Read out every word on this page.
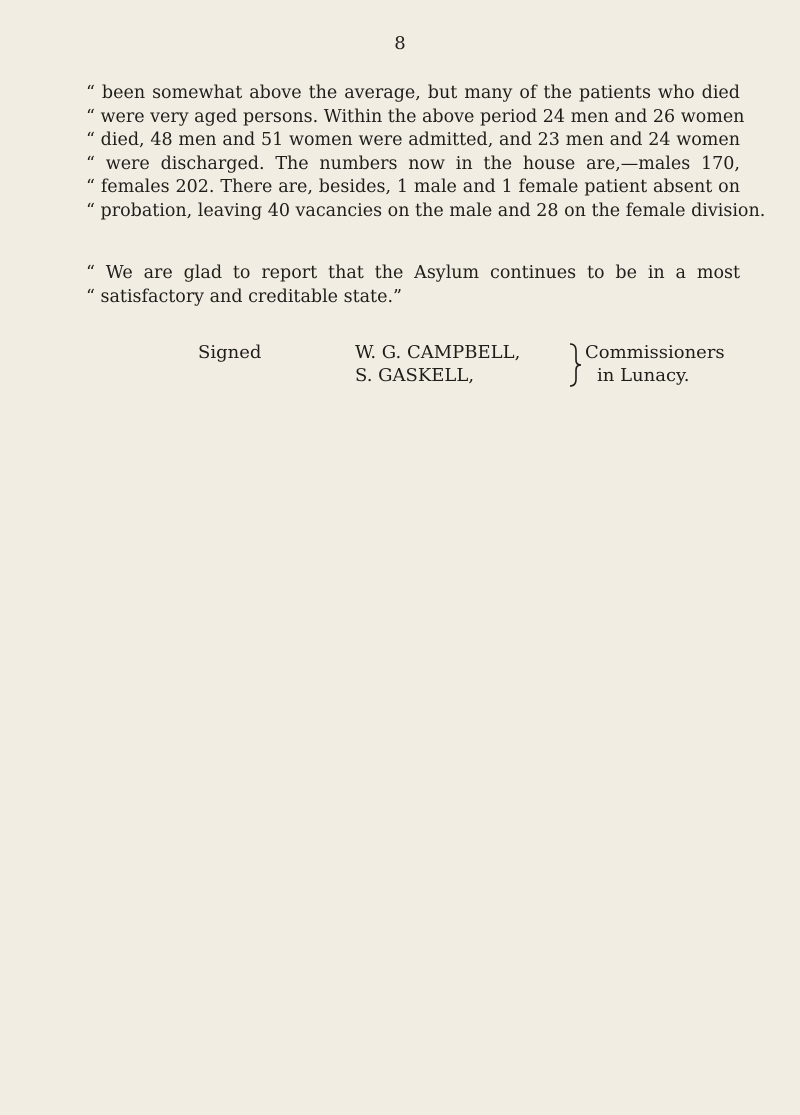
8
“ been somewhat above the average, but many of the patients who died
“ were very aged persons. Within the above period 24 men and 26 women
“ died, 48 men and 51 women were admitted, and 23 men and 24 women
“ were discharged. The numbers now in the house are,—males 170,
“ females 202. There are, besides, 1 male and 1 female patient absent on
“ probation, leaving 40 vacancies on the male and 28 on the female division.
“ We are glad to report that the Asylum continues to be in a most
“ satisfactory and creditable state.”
Signed	W. G. CAMPBELL,
S. GASKELL,
Commissioners
in Lunacy.
